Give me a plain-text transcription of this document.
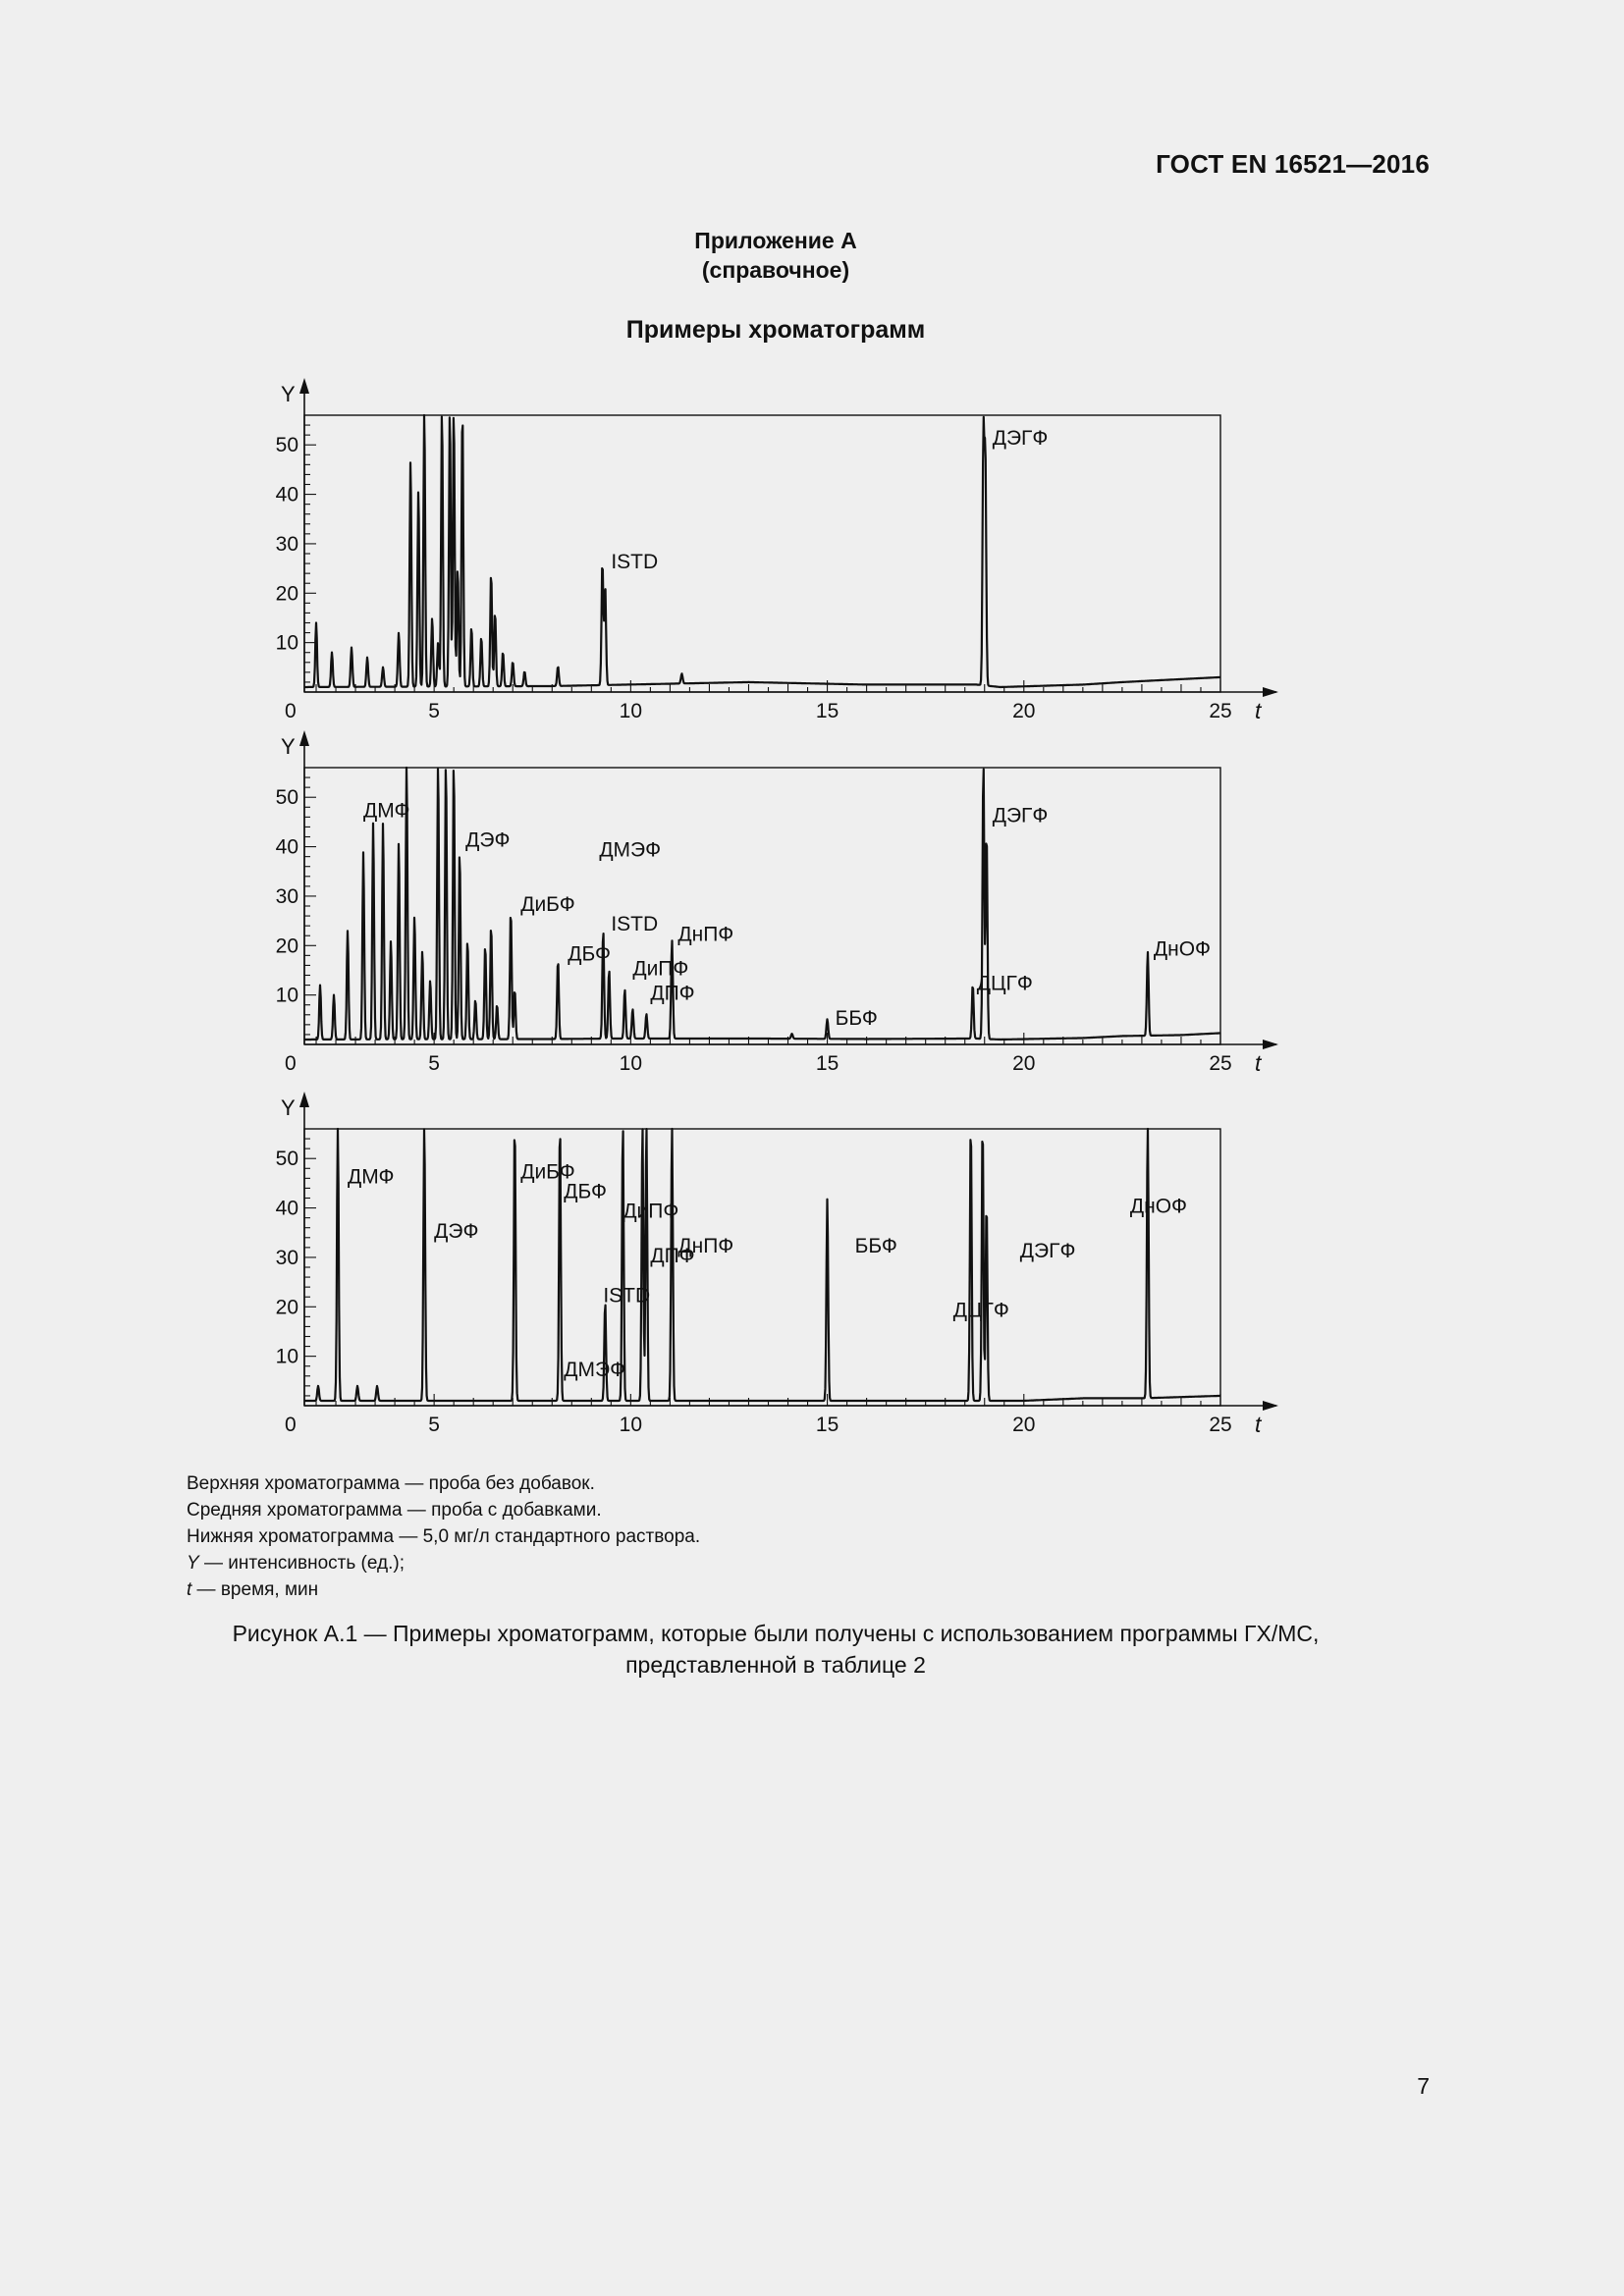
ГОСТ EN 16521—2016
Приложение А
(справочное)
Примеры хроматограмм
Y
t
0
10
20
30
40
50
5	10	15	20	25
ISTD
ДЭГФ
Y
t
0
10
20
30
40
50
5	10	15	20	25
ДМФ
ДЭФ
ДиБФ
ДБФ
ДМЭФ
ISTD
ДиПФ
ДПФ
ДнПФ
ББФ
ДЦГФ
ДЭГФ
ДнОФ
Y
t
0
10
20
30
40
50
5	10	15	20	25
ДМФ
ДЭФ
ДиБФ
ДБФ
ДиПФ
ДМЭФ
ISTD
ДПФ
ДнПФ	ББФ
ДЦГФ
ДЭГФ
ДнОФ
Верхняя хроматограмма — проба без добавок.
Средняя хроматограмма — проба с добавками.
Нижняя хроматограмма — 5,0 мг/л стандартного раствора.
Y — интенсивность (ед.);
t — время, мин
Рисунок А.1 — Примеры хроматограмм, которые были получены с использованием программы ГХ/МС,
представленной в таблице 2
7
